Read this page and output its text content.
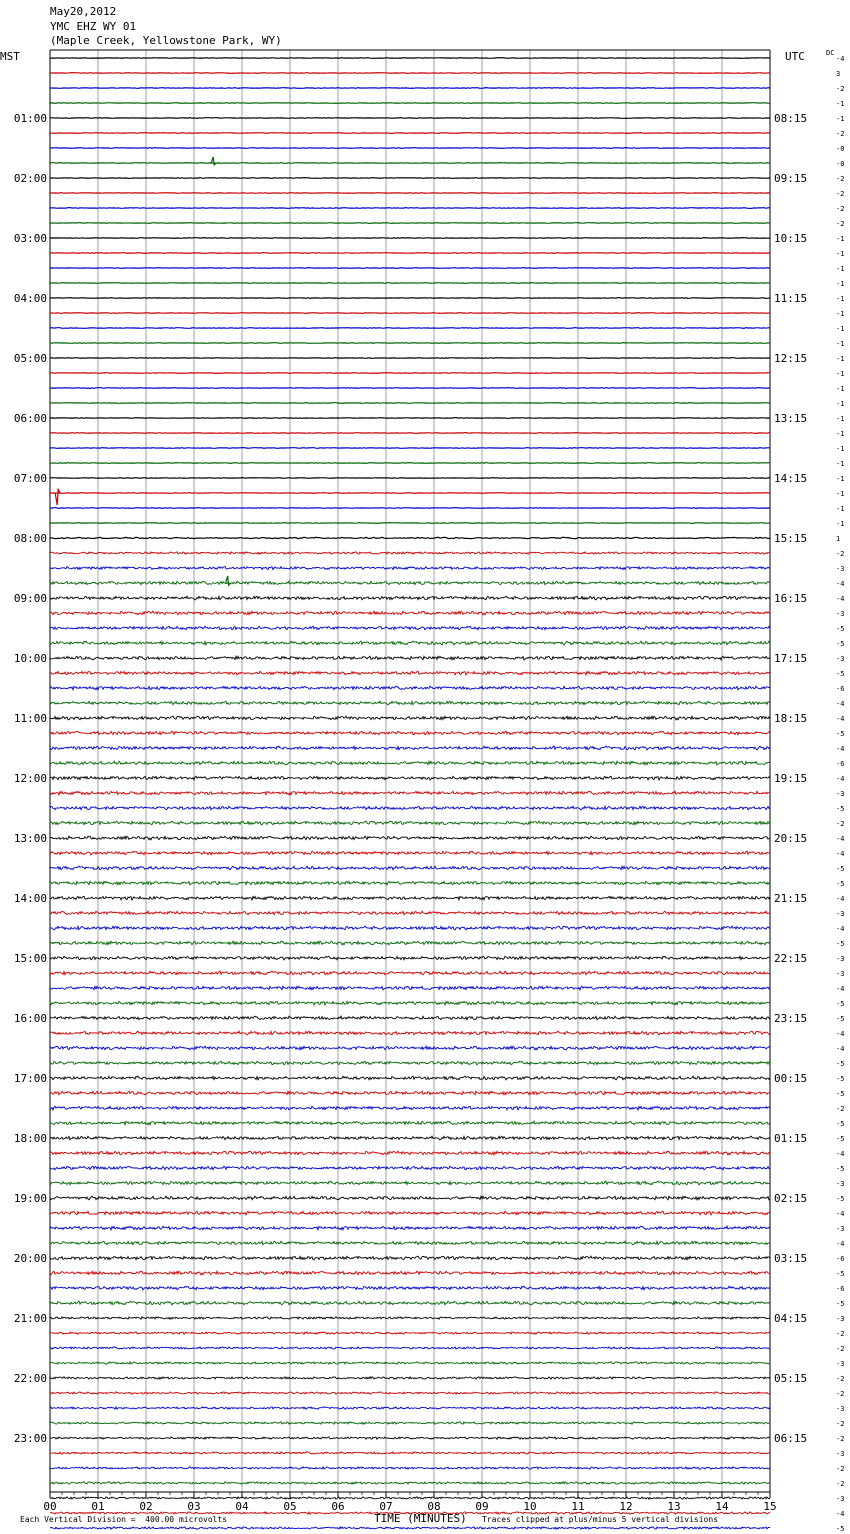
May20,2012
YMC EHZ WY 01
(Maple Creek, Yellowstone Park, WY)
MST	UTC	-4
3
-2
-1
-1
-2
-0
-0
-2
-2
-2
-2
-1
-1
-1
-1
-1
-1
-1
-1
-1
-1
-1
-1
-1
-1
-1
-1
-1
-1
-1
-1
1
-2
-3
-4
-4
-3
-5
-5
-3
-5
-6
-4
-4
-5
-4
-6
-4
-3
-5
-2
-4
-4
-5
-5
-4
-3
-4
-5
-3
-3
-4
-5
-5
-4
-4
-5
-5
-5
-2
-5
-5
-4
-5
-3
-5
-4
-3
-4
-6
-5
-6
-5
-3
-2
-2
-3
-2
-2
-3
-2
-2
-3
-2
-2
-3
-4
-5
DC
01:00
02:00
03:00
04:00
05:00
06:00
07:00
08:00
09:00
10:00
11:00
12:00
13:00
14:00
15:00
16:00
17:00
18:00
19:00
20:00
21:00
22:00
23:00
08:15
09:15
10:15
11:15
12:15
13:15
14:15
15:15
16:15
17:15
18:15
19:15
20:15
21:15
22:15
23:15
00:15
01:15
02:15
03:15
04:15
05:15
06:15
00	01	02	03	04	05	06	07	08	09	10	11	12	13	14	15
Each Vertical Division =  400.00 microvolts	TIME (MINUTES) Traces clipped at plus/minus 5 vertical divisions
